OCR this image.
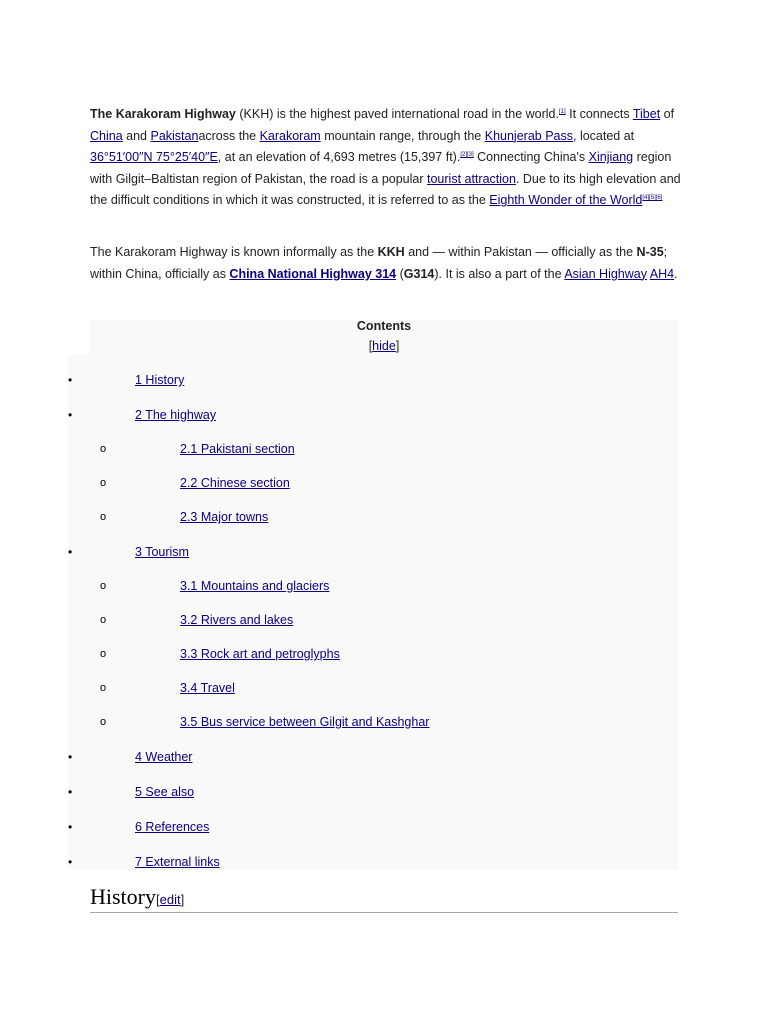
The Karakoram Highway (KKH) is the highest paved international road in the world.[1] It connects Tibet of China and Pakistanacross the Karakoram mountain range, through the Khunjerab Pass, located at 36°51′00″N 75°25′40″E, at an elevation of 4,693 metres (15,397 ft).[2][3] Connecting China's Xinjiang region with Gilgit–Baltistan region of Pakistan, the road is a popular tourist attraction. Due to its high elevation and the difficult conditions in which it was constructed, it is referred to as the Eighth Wonder of the World[4][5][6]
The Karakoram Highway is known informally as the KKH and — within Pakistan — officially as the N-35; within China, officially as China National Highway 314 (G314). It is also a part of the Asian Highway AH4.
Contents
[hide]
•	1 History
•	2 The highway
o	2.1 Pakistani section
o	2.2 Chinese section
o	2.3 Major towns
•	3 Tourism
o	3.1 Mountains and glaciers
o	3.2 Rivers and lakes
o	3.3 Rock art and petroglyphs
o	3.4 Travel
o	3.5 Bus service between Gilgit and Kashghar
•	4 Weather
•	5 See also
•	6 References
•	7 External links
History[edit]
